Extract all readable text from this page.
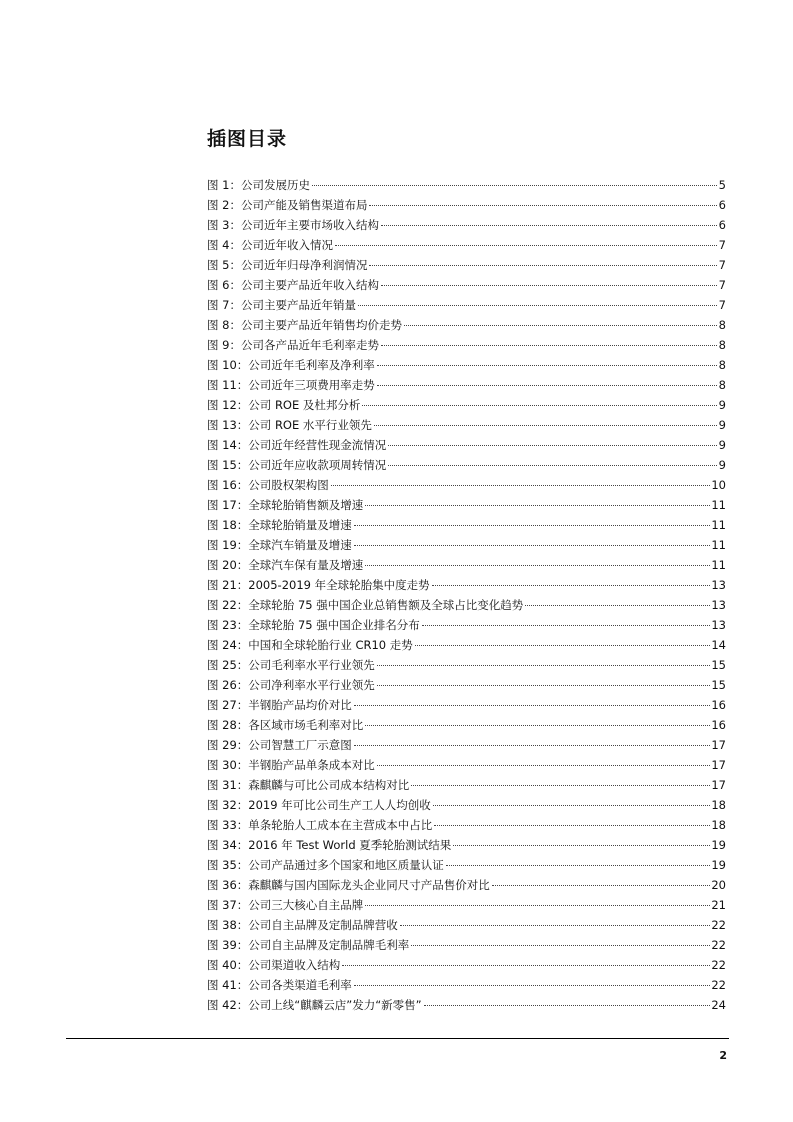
插图目录
图 1：公司发展历史	5
图 2：公司产能及销售渠道布局	6
图 3：公司近年主要市场收入结构	6
图 4：公司近年收入情况	7
图 5：公司近年归母净利润情况	7
图 6：公司主要产品近年收入结构	7
图 7：公司主要产品近年销量	7
图 8：公司主要产品近年销售均价走势	8
图 9：公司各产品近年毛利率走势	8
图 10：公司近年毛利率及净利率	8
图 11：公司近年三项费用率走势	8
图 12：公司 ROE 及杜邦分析	9
图 13：公司 ROE 水平行业领先	9
图 14：公司近年经营性现金流情况	9
图 15：公司近年应收款项周转情况	9
图 16：公司股权架构图	10
图 17：全球轮胎销售额及增速	11
图 18：全球轮胎销量及增速	11
图 19：全球汽车销量及增速	11
图 20：全球汽车保有量及增速	11
图 21：2005-2019 年全球轮胎集中度走势	13
图 22：全球轮胎 75 强中国企业总销售额及全球占比变化趋势	13
图 23：全球轮胎 75 强中国企业排名分布	13
图 24：中国和全球轮胎行业 CR10 走势	14
图 25：公司毛利率水平行业领先	15
图 26：公司净利率水平行业领先	15
图 27：半钢胎产品均价对比	16
图 28：各区域市场毛利率对比	16
图 29：公司智慧工厂示意图	17
图 30：半钢胎产品单条成本对比	17
图 31：森麒麟与可比公司成本结构对比	17
图 32：2019 年可比公司生产工人人均创收	18
图 33：单条轮胎人工成本在主营成本中占比	18
图 34：2016 年 Test World 夏季轮胎测试结果	19
图 35：公司产品通过多个国家和地区质量认证	19
图 36：森麒麟与国内国际龙头企业同尺寸产品售价对比	20
图 37：公司三大核心自主品牌	21
图 38：公司自主品牌及定制品牌营收	22
图 39：公司自主品牌及定制品牌毛利率	22
图 40：公司渠道收入结构	22
图 41：公司各类渠道毛利率	22
图 42：公司上线“麒麟云店”发力“新零售”	24
2
